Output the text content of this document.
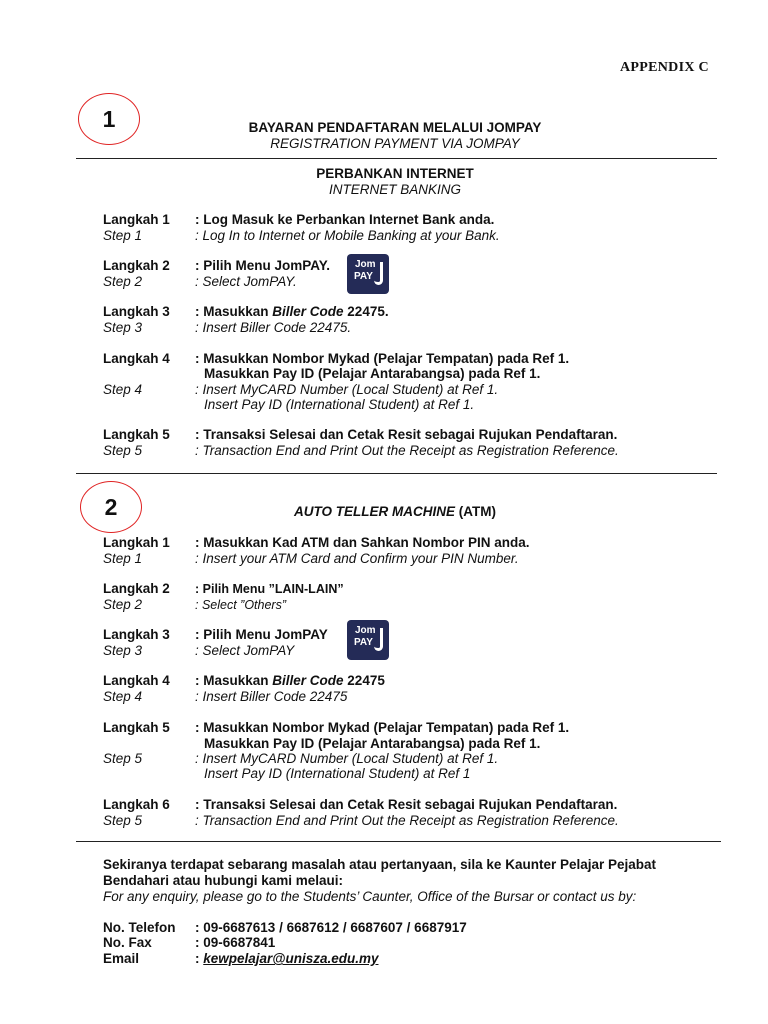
APPENDIX C
1	BAYARAN PENDAFTARAN MELALUI JOMPAY
REGISTRATION PAYMENT VIA JOMPAY
PERBANKAN INTERNET
INTERNET BANKING
Langkah 1 : Log Masuk ke Perbankan Internet Bank anda.
Step 1	: Log In to Internet or Mobile Banking at your Bank.
Langkah 2 : Pilih Menu JomPAY.
Step 2	: Select JomPAY.
Jom
PAY
Langkah 3 : Masukkan Biller Code 22475.
Step 3	: Insert Biller Code 22475.
Langkah 4 : Masukkan Nombor Mykad (Pelajar Tempatan) pada Ref 1.
Masukkan Pay ID (Pelajar Antarabangsa) pada Ref 1.
Step 4	: Insert MyCARD Number (Local Student) at Ref 1.
Insert Pay ID (International Student) at Ref 1.
Langkah 5 : Transaksi Selesai dan Cetak Resit sebagai Rujukan Pendaftaran.
Step 5	: Transaction End and Print Out the Receipt as Registration Reference.
2	AUTO TELLER MACHINE (ATM)
Langkah 1 : Masukkan Kad ATM dan Sahkan Nombor PIN anda.
Step 1	: Insert your ATM Card and Confirm your PIN Number.
Langkah 2 : Pilih Menu ”LAIN-LAIN”
Step 2	: Select ”Others”
Langkah 3 : Pilih Menu JomPAY
Step 3	: Select JomPAY
Jom
PAY
Langkah 4 : Masukkan Biller Code 22475
Step 4	: Insert Biller Code 22475
Langkah 5 : Masukkan Nombor Mykad (Pelajar Tempatan) pada Ref 1.
Masukkan Pay ID (Pelajar Antarabangsa) pada Ref 1.
Step 5	: Insert MyCARD Number (Local Student) at Ref 1.
Insert Pay ID (International Student) at Ref 1
Langkah 6 : Transaksi Selesai dan Cetak Resit sebagai Rujukan Pendaftaran.
Step 5	: Transaction End and Print Out the Receipt as Registration Reference.
Sekiranya terdapat sebarang masalah atau pertanyaan, sila ke Kaunter Pelajar Pejabat Bendahari atau hubungi kami melaui:
For any enquiry, please go to the Students’ Caunter, Office of the Bursar or contact us by:
No. Telefon : 09-6687613 / 6687612 / 6687607 / 6687917
No. Fax	: 09-6687841
Email	: kewpelajar@unisza.edu.my
